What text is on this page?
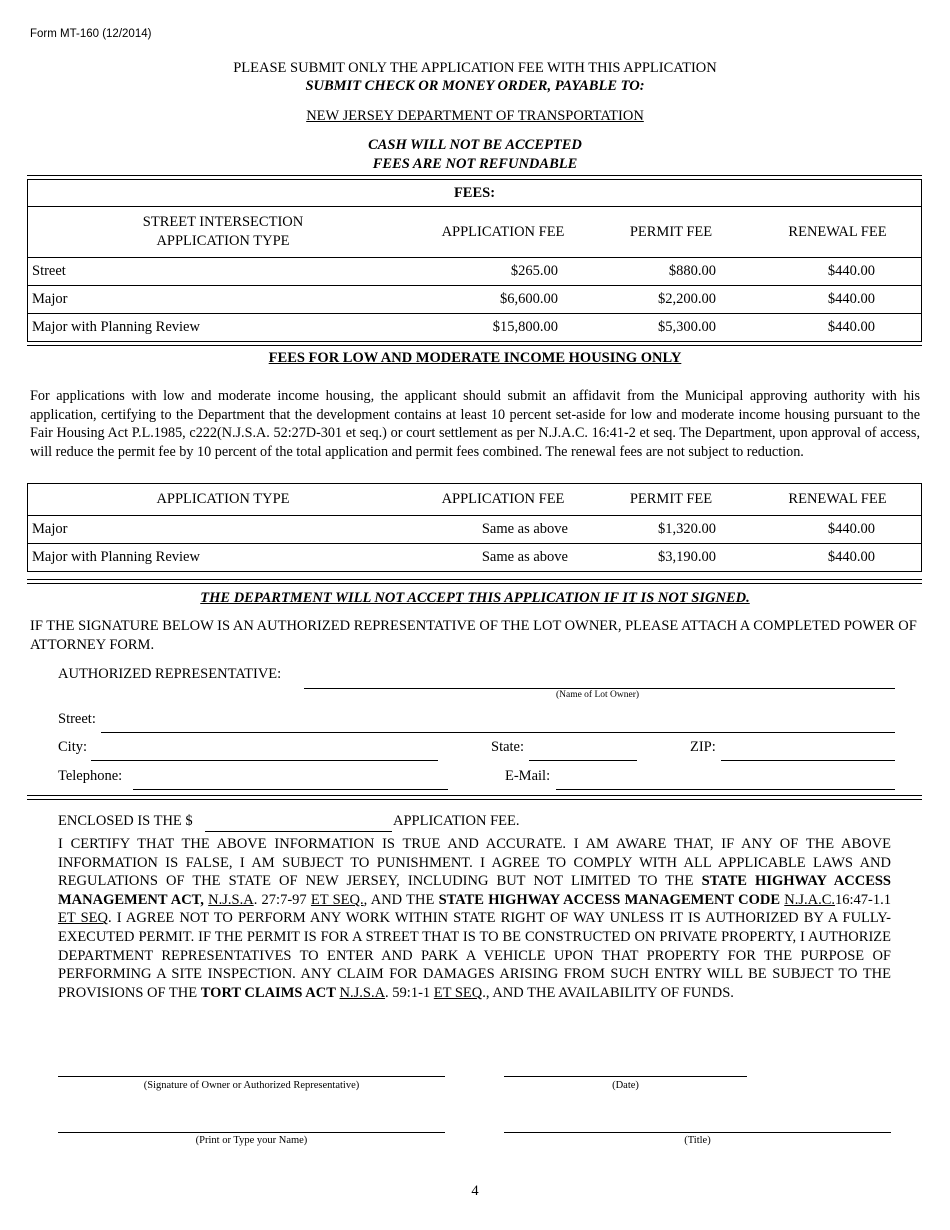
Form MT-160 (12/2014)
PLEASE SUBMIT ONLY THE APPLICATION FEE WITH THIS APPLICATION
SUBMIT CHECK OR MONEY ORDER, PAYABLE TO:
NEW JERSEY DEPARTMENT OF TRANSPORTATION
CASH WILL NOT BE ACCEPTED
FEES ARE NOT REFUNDABLE
FEES:
STREET INTERSECTION APPLICATION TYPE	APPLICATION FEE	PERMIT FEE	RENEWAL FEE
Street	$265.00	$880.00	$440.00
Major	$6,600.00	$2,200.00	$440.00
Major with Planning Review	$15,800.00	$5,300.00	$440.00
FEES FOR LOW AND MODERATE INCOME HOUSING ONLY
For applications with low and moderate income housing, the applicant should submit an affidavit from the Municipal approving authority with his application, certifying to the Department that the development contains at least 10 percent set-aside for low and moderate income housing pursuant to the Fair Housing Act P.L.1985, c222(N.J.S.A. 52:27D-301 et seq.) or court settlement as per N.J.A.C. 16:41-2 et seq. The Department, upon approval of access, will reduce the permit fee by 10 percent of the total application and permit fees combined. The renewal fees are not subject to reduction.
APPLICATION TYPE	APPLICATION FEE	PERMIT FEE	RENEWAL FEE
Major	Same as above	$1,320.00	$440.00
Major with Planning Review	Same as above	$3,190.00	$440.00
THE DEPARTMENT WILL NOT ACCEPT THIS APPLICATION IF IT IS NOT SIGNED.
IF THE SIGNATURE BELOW IS AN AUTHORIZED REPRESENTATIVE OF THE LOT OWNER, PLEASE ATTACH A COMPLETED POWER OF ATTORNEY FORM.
AUTHORIZED REPRESENTATIVE:
(Name of Lot Owner)
Street:
City:	State:	ZIP:
Telephone:	E-Mail:
ENCLOSED IS THE $	APPLICATION FEE.
I CERTIFY THAT THE ABOVE INFORMATION IS TRUE AND ACCURATE. I AM AWARE THAT, IF ANY OF THE ABOVE INFORMATION IS FALSE, I AM SUBJECT TO PUNISHMENT. I AGREE TO COMPLY WITH ALL APPLICABLE LAWS AND REGULATIONS OF THE STATE OF NEW JERSEY, INCLUDING BUT NOT LIMITED TO THE STATE HIGHWAY ACCESS MANAGEMENT ACT, N.J.S.A. 27:7-97 ET SEQ., AND THE STATE HIGHWAY ACCESS MANAGEMENT CODE N.J.A.C.16:47-1.1 ET SEQ. I AGREE NOT TO PERFORM ANY WORK WITHIN STATE RIGHT OF WAY UNLESS IT IS AUTHORIZED BY A FULLY-EXECUTED PERMIT. IF THE PERMIT IS FOR A STREET THAT IS TO BE CONSTRUCTED ON PRIVATE PROPERTY, I AUTHORIZE DEPARTMENT REPRESENTATIVES TO ENTER AND PARK A VEHICLE UPON THAT PROPERTY FOR THE PURPOSE OF PERFORMING A SITE INSPECTION. ANY CLAIM FOR DAMAGES ARISING FROM SUCH ENTRY WILL BE SUBJECT TO THE PROVISIONS OF THE TORT CLAIMS ACT N.J.S.A. 59:1-1 ET SEQ., AND THE AVAILABILITY OF FUNDS.
(Signature of Owner or Authorized Representative)	(Date)
(Print or Type your Name)	(Title)
4
